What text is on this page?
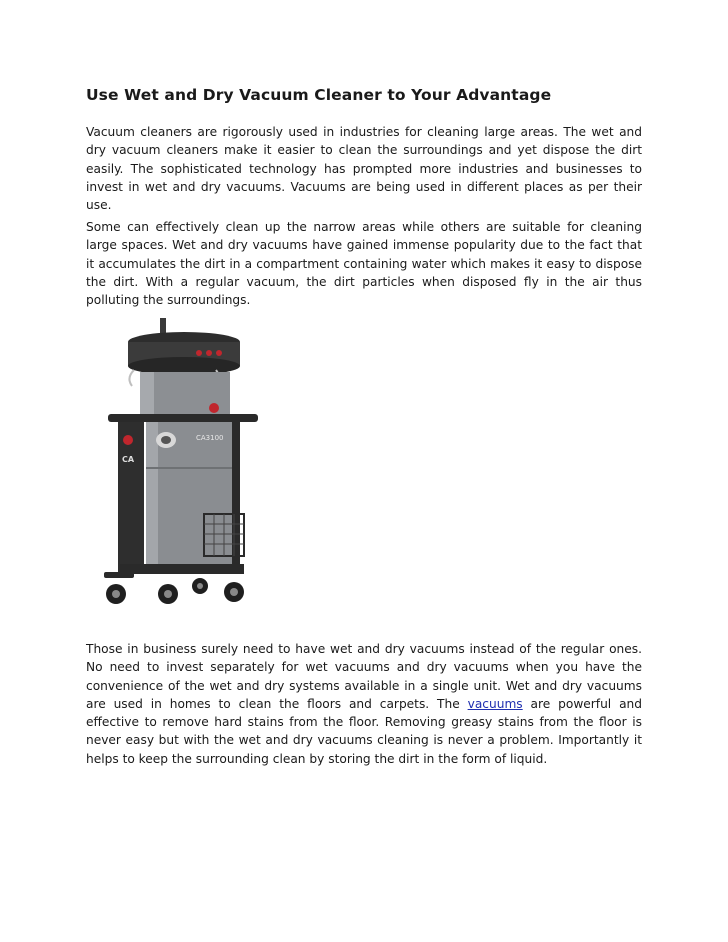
Use Wet and Dry Vacuum Cleaner to Your Advantage

Vacuum cleaners are rigorously used in industries for cleaning large areas. The wet and dry vacuum cleaners make it easier to clean the surroundings and yet dispose the dirt easily. The sophisticated technology has prompted more industries and businesses to invest in wet and dry vacuums. Vacuums are being used in different places as per their use.

Some can effectively clean up the narrow areas while others are suitable for cleaning large spaces. Wet and dry vacuums have gained immense popularity due to the fact that it accumulates the dirt in a compartment containing water which makes it easy to dispose the dirt. With a regular vacuum, the dirt particles when disposed fly in the air thus polluting the surroundings.

CA
CA3100

Those in business surely need to have wet and dry vacuums instead of the regular ones. No need to invest separately for wet vacuums and dry vacuums when you have the convenience of the wet and dry systems available in a single unit. Wet and dry vacuums are used in homes to clean the floors and carpets. The vacuums are powerful and effective to remove hard stains from the floor. Removing greasy stains from the floor is never easy but with the wet and dry vacuums cleaning is never a problem. Importantly it helps to keep the surrounding clean by storing the dirt in the form of liquid.
